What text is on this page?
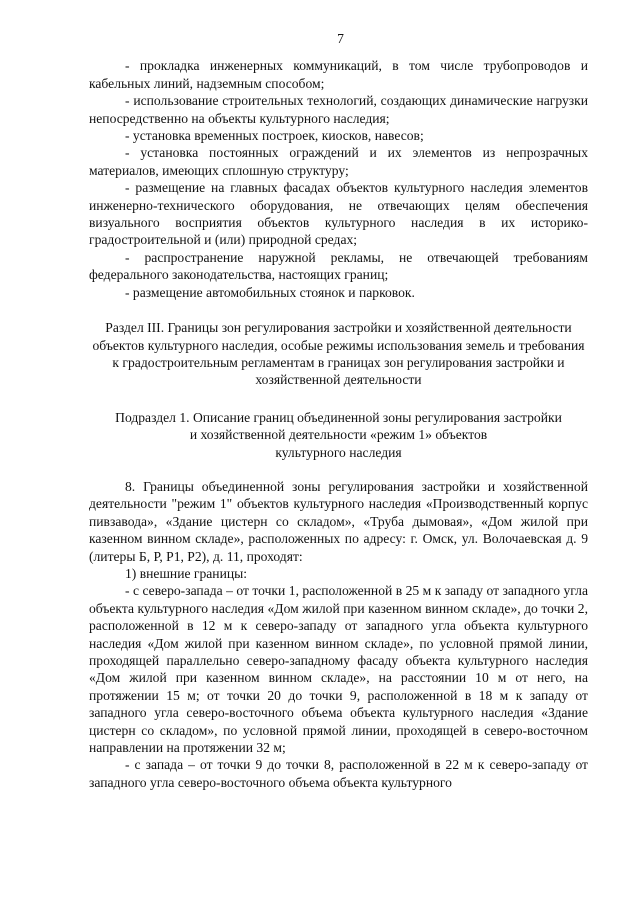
7

- прокладка инженерных коммуникаций, в том числе трубопроводов и кабельных линий, надземным способом;

- использование строительных технологий, создающих динамические нагрузки непосредственно на объекты культурного наследия;

- установка временных построек, киосков, навесов;

- установка постоянных ограждений и их элементов из непрозрачных материалов, имеющих сплошную структуру;

- размещение на главных фасадах объектов культурного наследия элементов инженерно-технического оборудования, не отвечающих целям обеспечения визуального восприятия объектов культурного наследия в их историко-градостроительной и (или) природной средах;

- распространение наружной рекламы, не отвечающей требованиям федерального законодательства, настоящих границ;

- размещение автомобильных стоянок и парковок.

Раздел III. Границы зон регулирования застройки и хозяйственной деятельности объектов культурного наследия, особые режимы использования земель и требования к градостроительным регламентам в границах зон регулирования застройки и хозяйственной деятельности

Подраздел 1. Описание границ объединенной зоны регулирования застройки
и хозяйственной деятельности «режим 1» объектов
культурного наследия

8. Границы объединенной зоны регулирования застройки и хозяйственной деятельности "режим 1" объектов культурного наследия «Производственный корпус пивзавода», «Здание цистерн со складом», «Труба дымовая», «Дом жилой при казенном винном складе», расположенных по адресу: г. Омск, ул. Волочаевская д. 9 (литеры Б, Р, Р1, Р2), д. 11, проходят:

1) внешние границы:

- с северо-запада – от точки 1, расположенной в 25 м к западу от западного угла объекта культурного наследия «Дом жилой при казенном винном складе», до точки 2, расположенной в 12 м к северо-западу от западного угла объекта культурного наследия «Дом жилой при казенном винном складе», по условной прямой линии, проходящей параллельно северо-западному фасаду объекта культурного наследия «Дом жилой при казенном винном складе», на расстоянии 10 м от него, на протяжении 15 м; от точки 20 до точки 9, расположенной в 18 м к западу от западного угла северо-восточного объема объекта культурного наследия «Здание цистерн со складом», по условной прямой линии, проходящей в северо-восточном направлении на протяжении 32 м;

- с запада – от точки 9 до точки 8, расположенной в 22 м к северо-западу от западного угла северо-восточного объема объекта культурного
